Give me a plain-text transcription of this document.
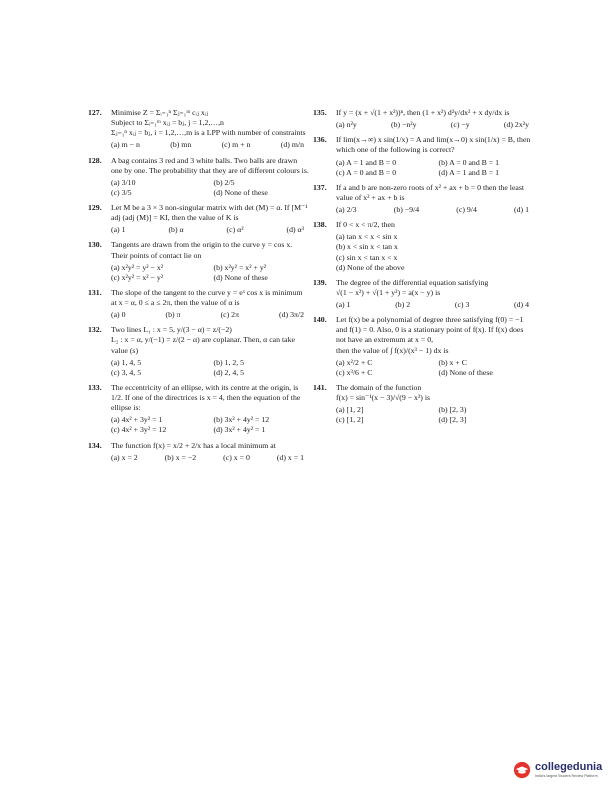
127.	Minimise Z = Σᵢ₌₁ⁿ Σⱼ₌₁ᵐ cᵢⱼ xᵢⱼ
Subject to Σᵢ₌₁ᵐ xᵢⱼ = bⱼ, j = 1,2,…,n
Σⱼ₌₁ⁿ xᵢⱼ = bⱼ, i = 1,2,…,m is a LPP with number of constraints
(a) m − n	(b) mn	(c) m + n	(d) m/n
128.	A bag contains 3 red and 3 white balls. Two balls are drawn one by one. The probability that they are of different colours is.
(a) 3/10	(b) 2/5
(c) 3/5	(d) None of these
129.	Let M be a 3 × 3 non-singular matrix with det (M) = α. If [M⁻¹ adj (adj (M)] = KI, then the value of K is
(a) 1	(b) α	(c) α²	(d) α³
130.	Tangents are drawn from the origin to the curve y = cos x. Their points of contact lie on
(a) x²y² = y² − x²	(b) x²y² = x² + y²
(c) x²y² = x² − y²	(d) None of these
131.	The slope of the tangent to the curve y = eˣ cos x is minimum at x = α, 0 ≤ a ≤ 2π, then the value of α is
(a) 0	(b) π	(c) 2π	(d) 3π/2
132.	Two lines L₁ : x = 5, y/(3 − α) = z/(−2)
L₂ : x = α, y/(−1) = z/(2 − α) are coplanar. Then, α can take value (s)
(a) 1, 4, 5	(b) 1, 2, 5
(c) 3, 4, 5	(d) 2, 4, 5
133.	The eccentricity of an ellipse, with its centre at the origin, is 1/2. If one of the directrices is x = 4, then the equation of the ellipse is:
(a) 4x² + 3y² = 1	(b) 3x² + 4y² = 12
(c) 4x² + 3y² = 12	(d) 3x² + 4y² = 1
134.	The function f(x) = x/2 + 2/x has a local minimum at
(a) x = 2	(b) x = −2	(c) x = 0	(d) x = 1
135.	If y = (x + √(1 + x²))ⁿ, then (1 + x²) d²y/dx² + x dy/dx is
(a) n²y	(b) −n²y	(c) −y	(d) 2x²y
136.	If lim(x→∞) x sin(1/x) = A and lim(x→0) x sin(1/x) = B, then which one of the following is correct?
(a) A = 1 and B = 0	(b) A = 0 and B = 1
(c) A = 0 and B = 0	(d) A = 1 and B = 1
137.	If a and b are non-zero roots of x² + ax + b = 0 then the least value of x² + ax + b is
(a) 2/3	(b) −9/4	(c) 9/4	(d) 1
138.	If 0 < x < π/2, then
(a) tan x < x < sin x
(b) x < sin x < tan x
(c) sin x < tan x < x
(d) None of the above
139.	The degree of the differential equation satisfying
√(1 − x²) + √(1 + y²) = a(x − y) is
(a) 1	(b) 2	(c) 3	(d) 4
140.	Let f(x) be a polynomial of degree three satisfying f(0) = −1 and f(1) = 0. Also, 0 is a stationary point of f(x). If f(x) does not have an extremum at x = 0,
then the value of ∫ f(x)/(x³ − 1) dx is
(a) x²/2 + C	(b) x + C
(c) x³/6 + C	(d) None of these
141.	The domain of the function
f(x) = sin⁻¹(x − 3)/√(9 − x²) is
(a) [1, 2]	(b) [2, 3)
(c) [1, 2]	(d) [2, 3]
collegedunia
India's largest Student Review Platform
